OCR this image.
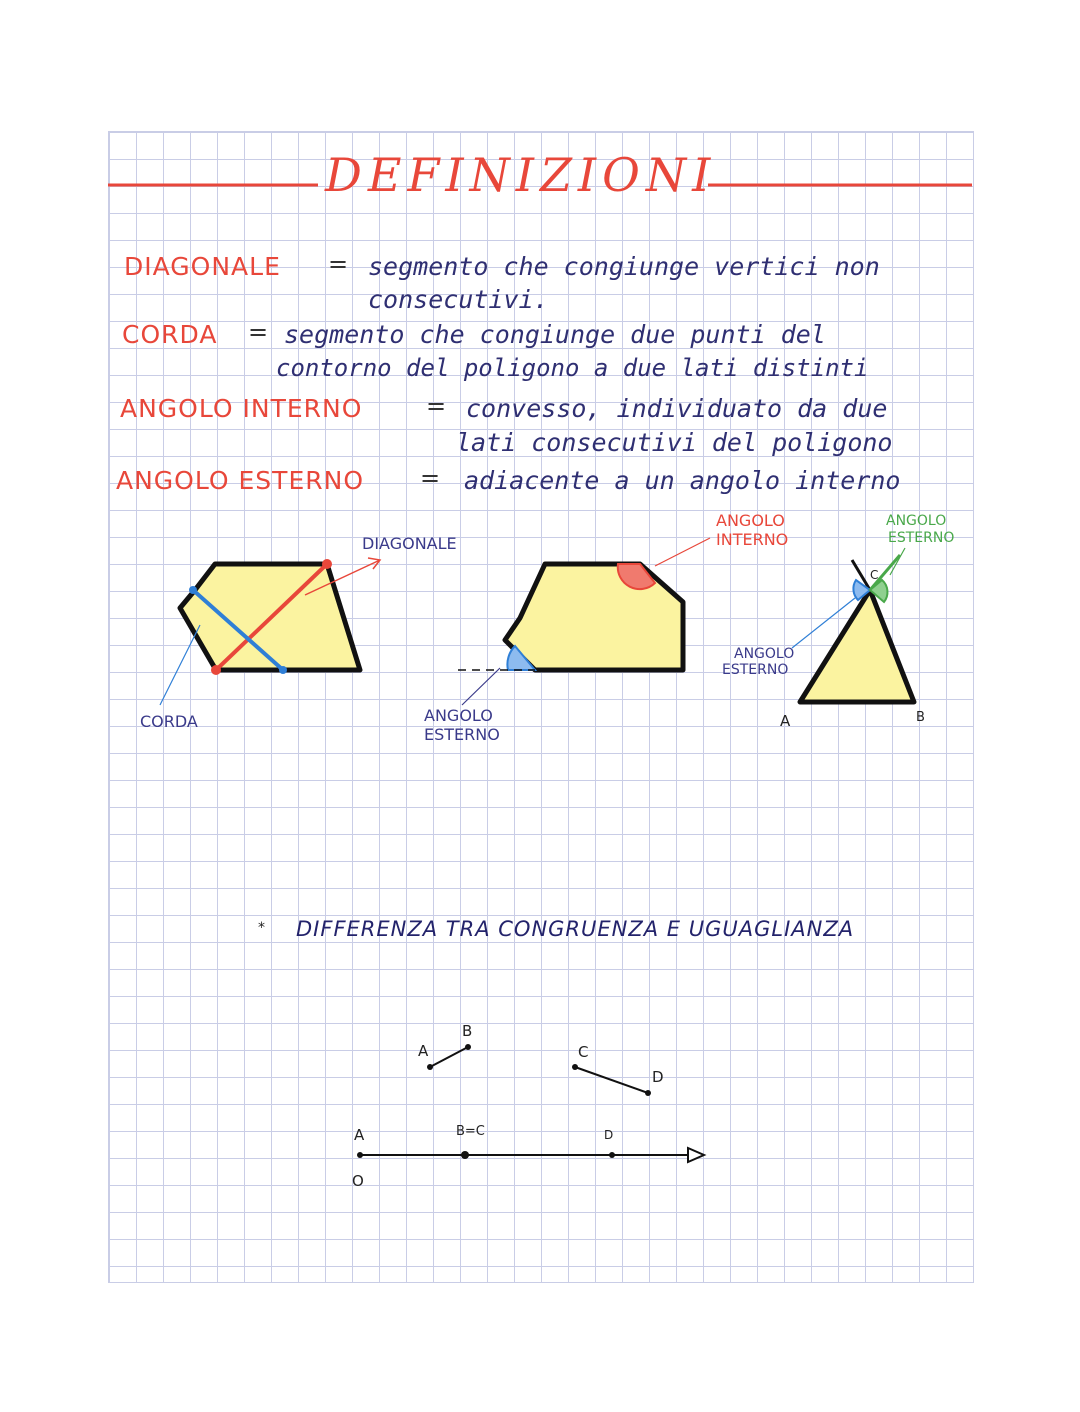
DEFINIZIONI
DIAGONALE = segmento che congiunge vertici non
consecutivi.
CORDA = segmento che congiunge due punti del
contorno del poligono a due lati distinti
ANGOLO INTERNO	= convesso, individuato da due
lati consecutivi del poligono
ANGOLO ESTERNO = adiacente a un angolo interno
DIAGONALE
CORDA	ANGOLO
ESTERNO
ANGOLO
INTERNO
ANGOLO
ESTERNO
ANGOLO
ESTERNO
A	B
C
* DIFFERENZA TRA CONGRUENZA E UGUAGLIANZA
A
B
C
D
A
O
B=C	D
